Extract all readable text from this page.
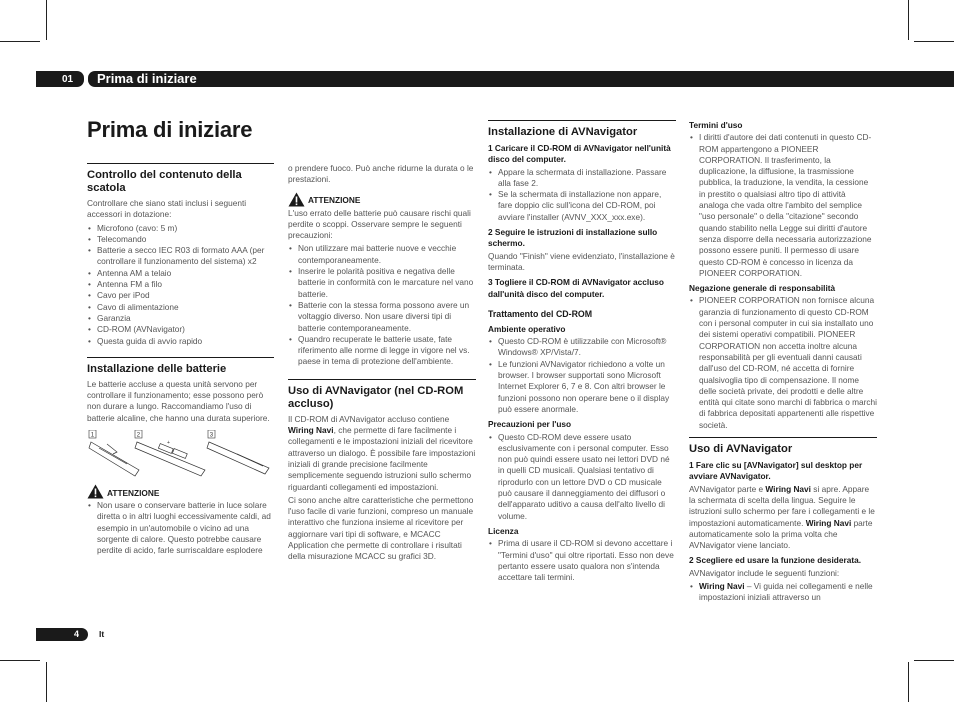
01 Prima di iniziare
Prima di iniziare
Controllo del contenuto della scatola

Controllare che siano stati inclusi i seguenti accessori in dotazione:

• Microfono (cavo: 5 m)
• Telecomando
• Batterie a secco IEC R03 di formato AAA (per controllare il funzionamento del sistema) x2
• Antenna AM a telaio
• Antenna FM a filo
• Cavo per iPod
• Cavo di alimentazione
• Garanzia
• CD-ROM (AVNavigator)
• Questa guida di avvio rapido
Installazione delle batterie

Le batterie accluse a questa unità servono per controllare il funzionamento; esse possono però non durare a lungo. Raccomandiamo l'uso di batterie alcaline, che hanno una durata superiore.

1	2	3
+
ATTENZIONE
• Non usare o conservare batterie in luce solare diretta o in altri luoghi eccessivamente caldi, ad esempio in un'automobile o vicino ad una sorgente di calore. Questo potrebbe causare perdite di acido, farle surriscaldare esplodere

o prendere fuoco. Può anche ridurne la durata o le prestazioni.

ATTENZIONE

L'uso errato delle batterie può causare rischi quali perdite o scoppi. Osservare sempre le seguenti precauzioni:

• Non utilizzare mai batterie nuove e vecchie contemporaneamente.
• Inserire le polarità positiva e negativa delle batterie in conformità con le marcature nel vano batterie.
• Batterie con la stessa forma possono avere un voltaggio diverso. Non usare diversi tipi di batterie contemporaneamente.
• Quandro recuperate le batterie usate, fate riferimento alle norme di legge in vigore nel vs. paese in tema di protezione dell'ambiente.
Uso di AVNavigator (nel CD-ROM accluso)

Il CD-ROM di AVNavigator accluso contiene Wiring Navi, che permette di fare facilmente i collegamenti e le impostazioni iniziali del ricevitore attraverso un dialogo. È possibile fare impostazioni iniziali di grande precisione facilmente semplicemente seguendo istruzioni sullo schermo riguardanti collegamenti ed impostazioni.

Ci sono anche altre caratteristiche che permettono l'uso facile di varie funzioni, compreso un manuale interattivo che funziona insieme al ricevitore per aggiornare vari tipi di software, e MCACC Application che permette di controllare i risultati della misurazione MCACC su grafici 3D.

Installazione di AVNavigator
1 Caricare il CD-ROM di AVNavigator nell'unità disco del computer.
• Appare la schermata di installazione. Passare alla fase 2.
• Se la schermata di installazione non appare, fare doppio clic sull'icona del CD-ROM, poi avviare l'installer (AVNV_XXX_xxx.exe).
2 Seguire le istruzioni di installazione sullo schermo.

Quando "Finish" viene evidenziato, l'installazione è terminata.

3 Togliere il CD-ROM di AVNavigator accluso dall'unità disco del computer.
Trattamento del CD-ROM
Ambiente operativo
• Questo CD-ROM è utilizzabile con Microsoft® Windows® XP/Vista/7.
• Le funzioni AVNavigator richiedono a volte un browser. I browser supportati sono Microsoft Internet Explorer 6, 7 e 8. Con altri browser le funzioni possono non operare bene o il display può essere anormale.
Precauzioni per l'uso
• Questo CD-ROM deve essere usato esclusivamente con i personal computer. Esso non può quindi essere usato nei lettori DVD né in quelli CD musicali. Qualsiasi tentativo di riprodurlo con un lettore DVD o CD musicale può causare il danneggiamento dei diffusori o dell'apparato uditivo a causa dell'alto livello di volume.
Licenza
• Prima di usare il CD-ROM si devono accettare i "Termini d'uso" qui oltre riportati. Esso non deve pertanto essere usato qualora non s'intenda accettare tali termini.
Termini d'uso
• I diritti d'autore dei dati contenuti in questo CD-ROM appartengono a PIONEER CORPORATION. Il trasferimento, la duplicazione, la diffusione, la trasmissione pubblica, la traduzione, la vendita, la cessione in prestito o qualsiasi altro tipo di attività analoga che vada oltre l'ambito del semplice "uso personale" o della "citazione" secondo quando stabilito nella Legge sui diritti d'autore senza disporre della necessaria autorizzazione possono essere puniti. Il permesso di usare questo CD-ROM è concesso in licenza da PIONEER CORPORATION.
Negazione generale di responsabilità
• PIONEER CORPORATION non fornisce alcuna garanzia di funzionamento di questo CD-ROM con i personal computer in cui sia installato uno dei sistemi operativi compatibili. PIONEER CORPORATION non accetta inoltre alcuna responsabilità per gli eventuali danni causati dall'uso del CD-ROM, né accetta di fornire qualsivoglia tipo di compensazione. Il nome delle società private, dei prodotti e delle altre entità qui citate sono marchi di fabbrica o marchi di fabbrica depositati appartenenti alle rispettive società.
Uso di AVNavigator
1 Fare clic su [AVNavigator] sul desktop per avviare AVNavigator.

AVNavigator parte e Wiring Navi si apre. Appare la schermata di scelta della lingua. Seguire le istruzioni sullo schermo per fare i collegamenti e le impostazioni automaticamente. Wiring Navi parte automaticamente solo la prima volta che AVNavigator viene lanciato.

2 Scegliere ed usare la funzione desiderata.

AVNavigator include le seguenti funzioni:

• Wiring Navi – Vi guida nei collegamenti e nelle impostazioni iniziali attraverso un
4 It
